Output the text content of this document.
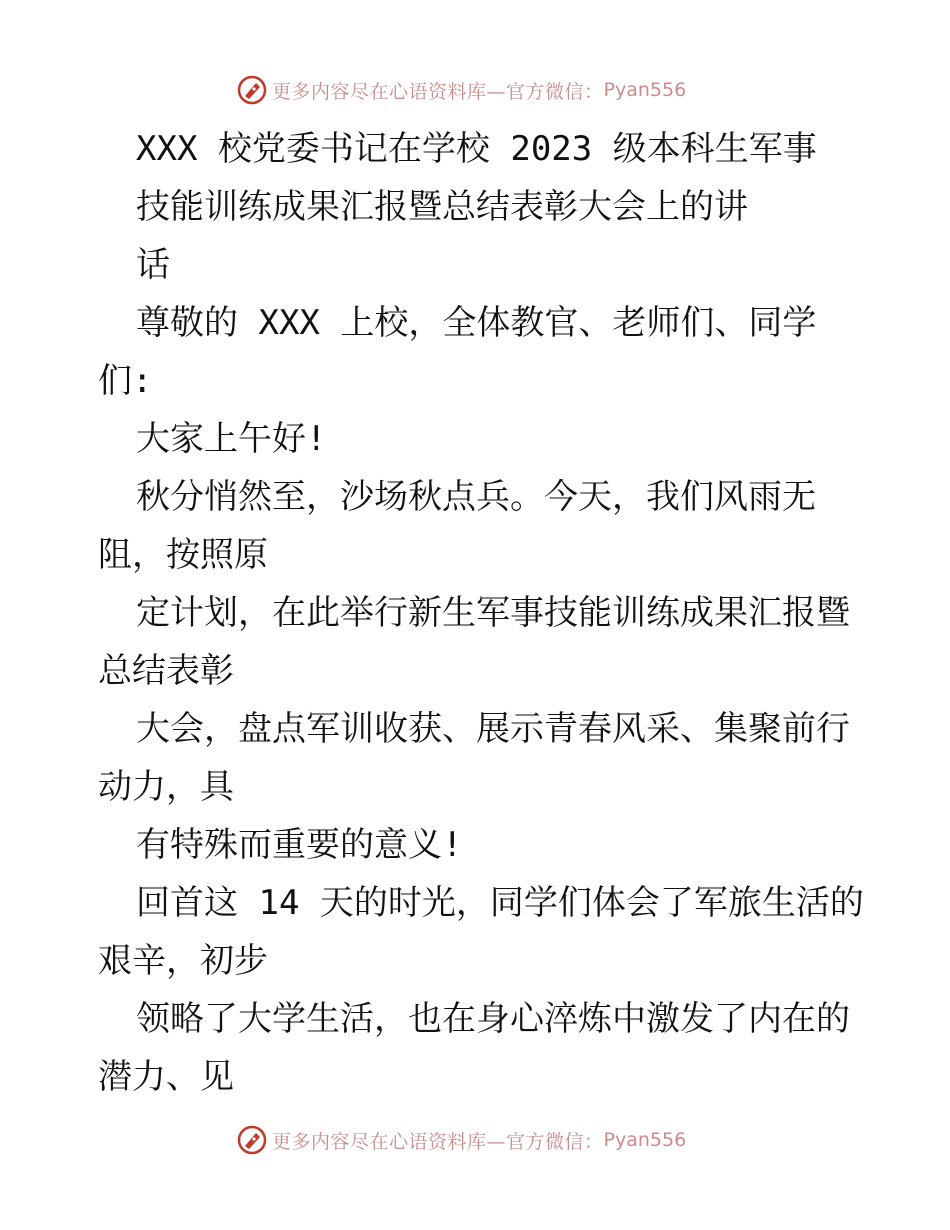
更多内容尽在心语资料库—官方微信： Pyan556
XXX 校党委书记在学校 2023 级本科生军事
技能训练成果汇报暨总结表彰大会上的讲
话
尊敬的 XXX 上校，全体教官、老师们、同学
们:
大家上午好!
秋分悄然至，沙场秋点兵。今天，我们风雨无
阻，按照原
定计划，在此举行新生军事技能训练成果汇报暨
总结表彰
大会，盘点军训收获、展示青春风采、集聚前行
动力，具
有特殊而重要的意义!
回首这 14 天的时光，同学们体会了军旅生活的
艰辛，初步
领略了大学生活，也在身心淬炼中激发了内在的
潜力、见
更多内容尽在心语资料库—官方微信： Pyan556
